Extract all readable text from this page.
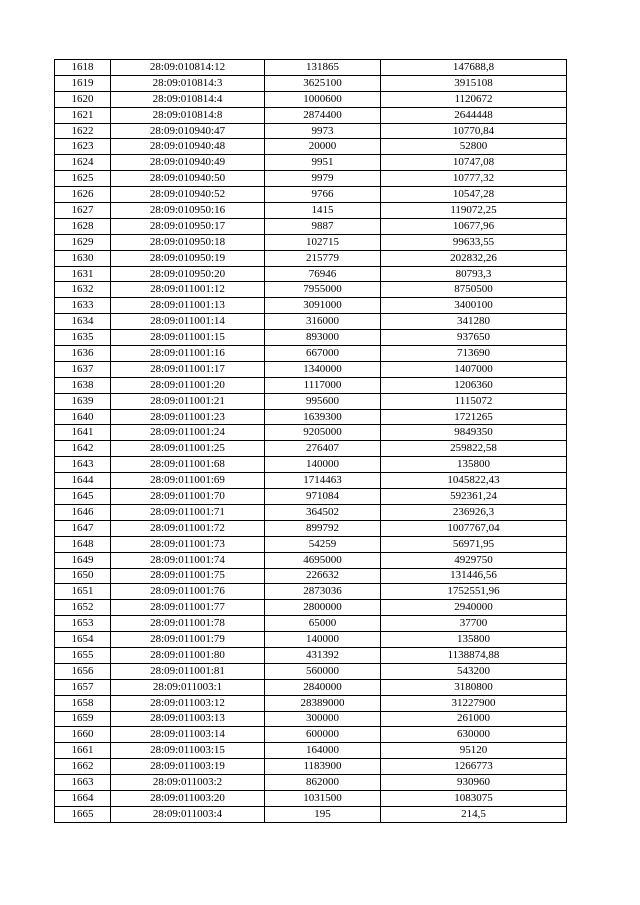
1618	28:09:010814:12	131865	147688,8
1619	28:09:010814:3	3625100	3915108
1620	28:09:010814:4	1000600	1120672
1621	28:09:010814:8	2874400	2644448
1622	28:09:010940:47	9973	10770,84
1623	28:09:010940:48	20000	52800
1624	28:09:010940:49	9951	10747,08
1625	28:09:010940:50	9979	10777,32
1626	28:09:010940:52	9766	10547,28
1627	28:09:010950:16	1415	119072,25
1628	28:09:010950:17	9887	10677,96
1629	28:09:010950:18	102715	99633,55
1630	28:09:010950:19	215779	202832,26
1631	28:09:010950:20	76946	80793,3
1632	28:09:011001:12	7955000	8750500
1633	28:09:011001:13	3091000	3400100
1634	28:09:011001:14	316000	341280
1635	28:09:011001:15	893000	937650
1636	28:09:011001:16	667000	713690
1637	28:09:011001:17	1340000	1407000
1638	28:09:011001:20	1117000	1206360
1639	28:09:011001:21	995600	1115072
1640	28:09:011001:23	1639300	1721265
1641	28:09:011001:24	9205000	9849350
1642	28:09:011001:25	276407	259822,58
1643	28:09:011001:68	140000	135800
1644	28:09:011001:69	1714463	1045822,43
1645	28:09:011001:70	971084	592361,24
1646	28:09:011001:71	364502	236926,3
1647	28:09:011001:72	899792	1007767,04
1648	28:09:011001:73	54259	56971,95
1649	28:09:011001:74	4695000	4929750
1650	28:09:011001:75	226632	131446,56
1651	28:09:011001:76	2873036	1752551,96
1652	28:09:011001:77	2800000	2940000
1653	28:09:011001:78	65000	37700
1654	28:09:011001:79	140000	135800
1655	28:09:011001:80	431392	1138874,88
1656	28:09:011001:81	560000	543200
1657	28:09:011003:1	2840000	3180800
1658	28:09:011003:12	28389000	31227900
1659	28:09:011003:13	300000	261000
1660	28:09:011003:14	600000	630000
1661	28:09:011003:15	164000	95120
1662	28:09:011003:19	1183900	1266773
1663	28:09:011003:2	862000	930960
1664	28:09:011003:20	1031500	1083075
1665	28:09:011003:4	195	214,5
